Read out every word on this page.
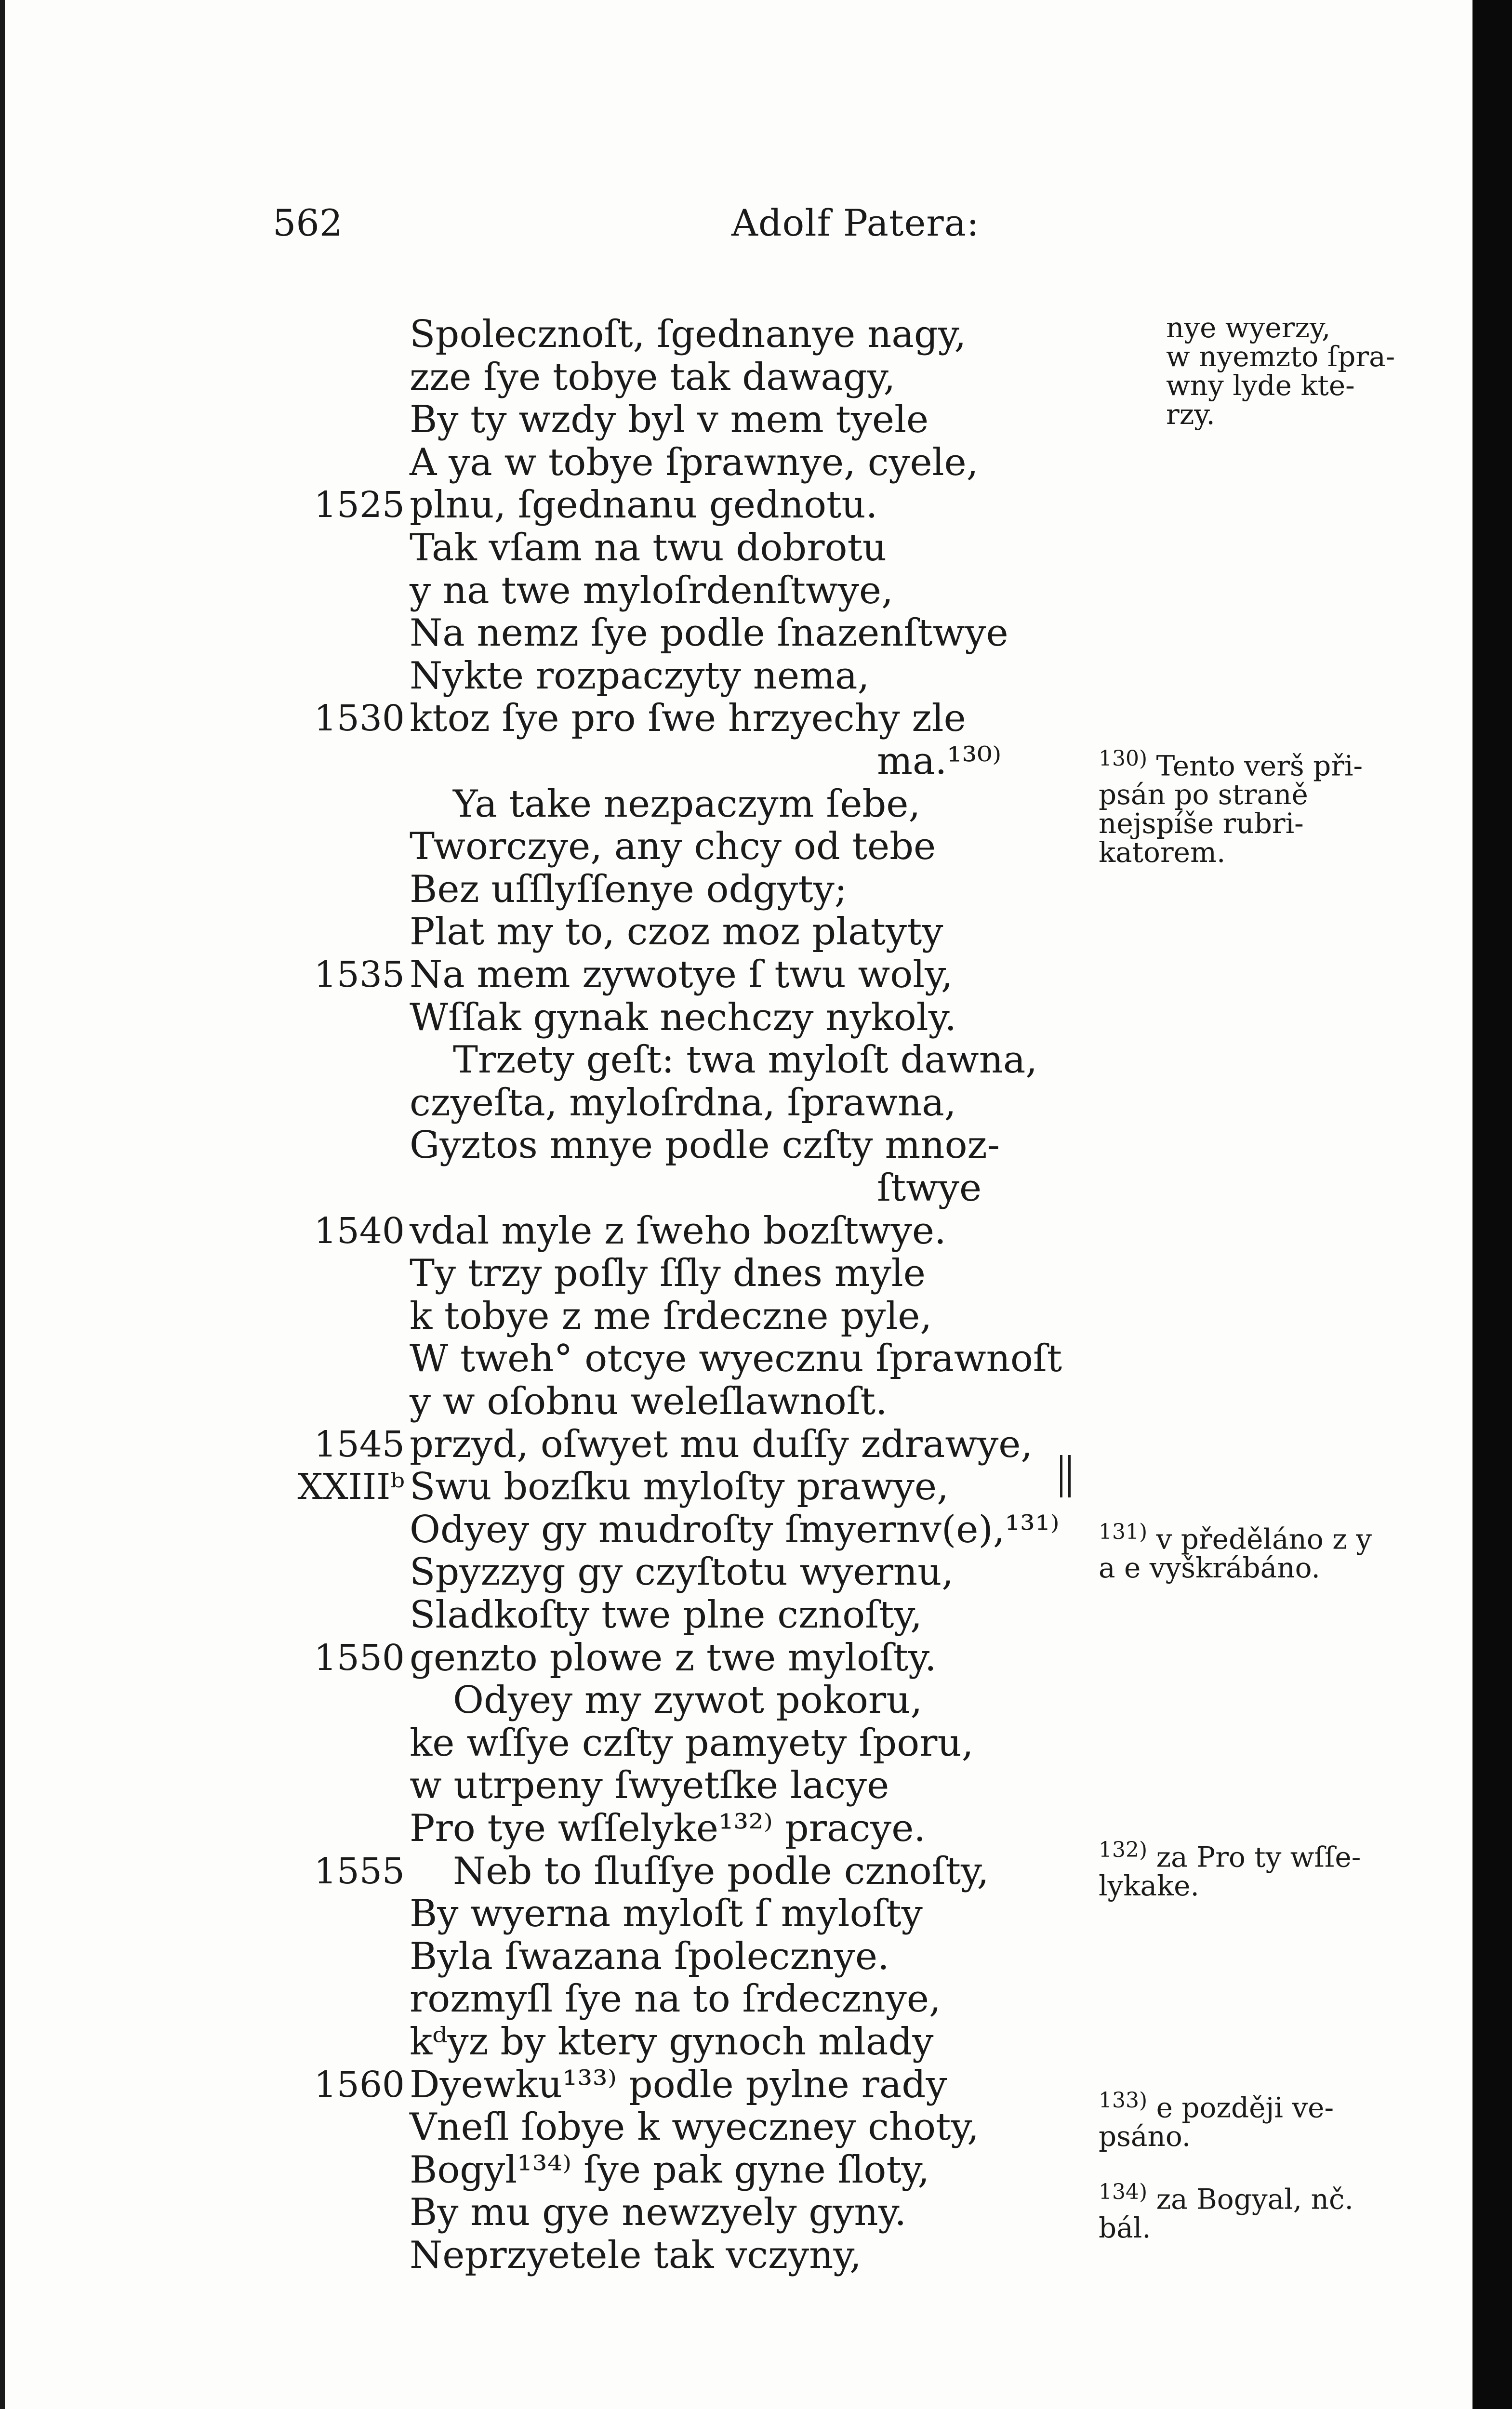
562	Adolf Patera:
Spolecznoſt, ſgednanye nagy,
zze ſye tobye tak dawagy,
By ty wzdy byl v mem tyele
A ya w tobye ſprawnye, cyele,
1525 plnu, ſgednanu gednotu.
Tak vſam na twu dobrotu
y na twe myloſrdenſtwye,
Na nemz ſye podle ſnazenſtwye
Nykte rozpaczyty nema,
1530 ktoz ſye pro ſwe hrzyechy zle
ma.¹³⁰⁾
Ya take nezpaczym ſebe,
Tworczye, any chcy od tebe
Bez uſſlyſſenye odgyty;
Plat my to, czoz moz platyty
1535 Na mem zywotye ſ twu woly,
Wſſak gynak nechczy nykoly.
Trzety geſt: twa myloſt dawna,
czyeſta, myloſrdna, ſprawna,
Gyztos mnye podle czſty mnoz-
ſtwye
1540 vdal myle z ſweho bozſtwye.
Ty trzy poſly ſſly dnes myle
k tobye z me ſrdeczne pyle,
W tweh° otcye wyecznu ſprawnoſt
y w oſobnu weleſlawnoſt.
1545 przyd, oſwyet mu duſſy zdrawye,
XXIIIᵇ Swu bozſku myloſty prawye,
Odyey gy mudroſty ſmyernv(e),¹³¹⁾
Spyzzyg gy czyſtotu wyernu,
Sladkoſty twe plne cznoſty,
1550 genzto plowe z twe myloſty.
Odyey my zywot pokoru,
ke wſſye czſty pamyety ſporu,
w utrpeny ſwyetſke lacye
Pro tye wſſelyke¹³²⁾ pracye.
1555 Neb to ſluſſye podle cznoſty,
By wyerna myloſt ſ myloſty
Byla ſwazana ſpolecznye.
rozmyſl ſye na to ſrdecznye,
kᵈyz by ktery gynoch mlady
1560 Dyewku¹³³⁾ podle pylne rady
Vneſl ſobye k wyeczney choty,
Bogyl¹³⁴⁾ ſye pak gyne ſloty,
By mu gye newzyely gyny.
Neprzyetele tak vczyny,
nye wyerzy,
w nyemzto ſpra-
wny lyde kte-
rzy.

$^{130)}$ Tento verš při-
psán po straně
nejspíše rubri-
katorem.

$^{131)}$ v předěláno z y
a e vyškrábáno.

$^{132)}$ za Pro ty wſſe-
lykake.

$^{133)}$ e později ve-
psáno.

$^{134)}$ za Bogyal, nč.
bál.
